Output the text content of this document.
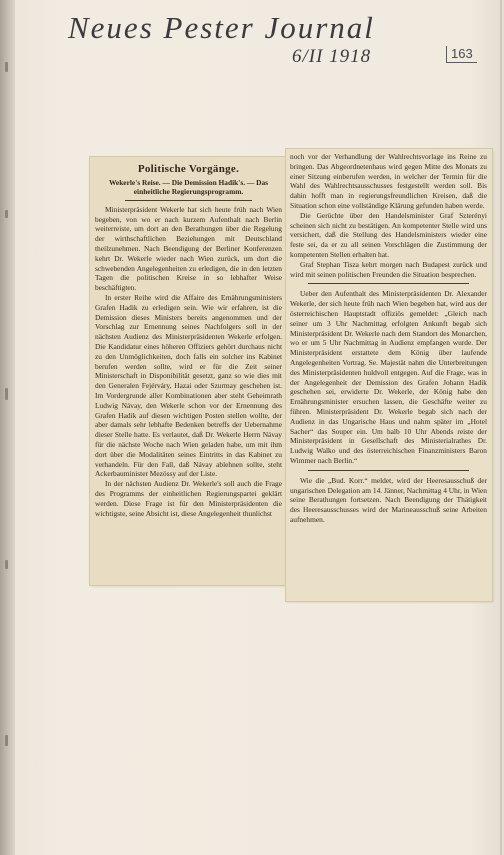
Neues Pester Journal
6/II 1918	163
Politische Vorgänge.
Wekerle's Reise. — Die Demission Hadik's. — Das einheitliche Regierungsprogramm.

Ministerpräsident Wekerle hat sich heute früh nach Wien begeben, von wo er nach kurzem Aufenthalt nach Berlin weiterreiste, um dort an den Berathungen über die Regelung der wirthschaftlichen Beziehungen mit Deutschland theilzunehmen. Nach Beendigung der Berliner Konferenzen kehrt Dr. Wekerle wieder nach Wien zurück, um dort die schwebenden Angelegenheiten zu erledigen, die in den letzten Tagen die politischen Kreise in so lebhafter Weise beschäftigten.

In erster Reihe wird die Affaire des Ernährungsministers Grafen Hadik zu erledigen sein. Wie wir erfahren, ist die Demission dieses Ministers bereits angenommen und der Vorschlag zur Ernennung seines Nachfolgers soll in der nächsten Audienz des Ministerpräsidenten Wekerle erfolgen. Die Kandidatur eines höheren Offiziers gehört durchaus nicht zu den Unmöglichkeiten, doch falls ein solcher ins Kabinet berufen werden sollte, wird er für die Zeit seiner Ministerschaft in Disponibilität gesetzt, ganz so wie dies mit den Generalen Fejérváry, Hazai oder Szurmay geschehen ist. Im Vordergrunde aller Kombinationen aber steht Geheimrath Ludwig Návay, den Wekerle schon vor der Ernennung des Grafen Hadik auf diesen wichtigen Posten stellen wollte, der aber damals sehr lebhafte Bedenken betreffs der Uebernahme dieser Stelle hatte. Es verlautet, daß Dr. Wekerle Herrn Návay für die nächste Woche nach Wien geladen habe, um mit ihm dort über die Modalitäten seines Eintritts in das Kabinet zu verhandeln. Für den Fall, daß Návay ablehnen sollte, steht Ackerbauminister Mezössy auf der Liste.

In der nächsten Audienz Dr. Wekerle's soll auch die Frage des Programms der einheitlichen Regierungspartei geklärt werden. Diese Frage ist für den Ministerpräsidenten die wichtigste, seine Absicht ist, diese Angelegenheit thunlichst

noch vor der Verhandlung der Wahlrechtsvorlage ins Reine zu bringen. Das Abgeordnetenhaus wird gegen Mitte des Monats zu einer Sitzung einberufen werden, in welcher der Termin für die Wahl des Wahlrechtsausschusses festgestellt werden soll. Bis dahin hofft man in regierungsfreundlichen Kreisen, daß die Situation schon eine vollständige Klärung gefunden haben werde.

Die Gerüchte über den Handelsminister Graf Szterényi scheinen sich nicht zu bestätigen. An kompetenter Stelle wird uns versichert, daß die Stellung des Handelsministers wieder eine feste sei, da er zu all seinen Vorschlägen die Zustimmung der kompetenten Stellen erhalten hat.

Graf Stephan Tisza kehrt morgen nach Budapest zurück und wird mit seinen politischen Freunden die Situation besprechen.

Ueber den Aufenthalt des Ministerpräsidenten Dr. Alexander Wekerle, der sich heute früh nach Wien begeben hat, wird aus der österreichischen Hauptstadt offiziös gemeldet: „Gleich nach seiner um 3 Uhr Nachmittag erfolgten Ankunft begab sich Ministerpräsident Dr. Wekerle nach dem Standort des Monarchen, wo er um 5 Uhr Nachmittag in Audienz empfangen wurde. Der Ministerpräsident erstattete dem König über laufende Angelegenheiten Vortrag. Se. Majestät nahm die Unterbreitungen des Ministerpräsidenten huldvoll entgegen. Auf die Frage, was in der Angelegenheit der Demission des Grafen Johann Hadik geschehen sei, erwiderte Dr. Wekerle, der König habe den Ernährungsminister ersuchen lassen, die Geschäfte weiter zu führen. Ministerpräsident Dr. Wekerle begab sich nach der Audienz in das Ungarische Haus und nahm später im „Hotel Sacher“ das Souper ein. Um halb 10 Uhr Abends reiste der Ministerpräsident in Gesellschaft des Ministerialrathes Dr. Ludwig Walko und des österreichischen Finanzministers Baron Wimmer nach Berlin.“

Wie die „Bud. Korr.“ meldet, wird der Heeresausschuß der ungarischen Delegation am 14. Jänner, Nachmittag 4 Uhr, in Wien seine Berathungen fortsetzen. Nach Beendigung der Thätigkeit des Heeresausschusses wird der Marineausschuß seine Arbeiten aufnehmen.
